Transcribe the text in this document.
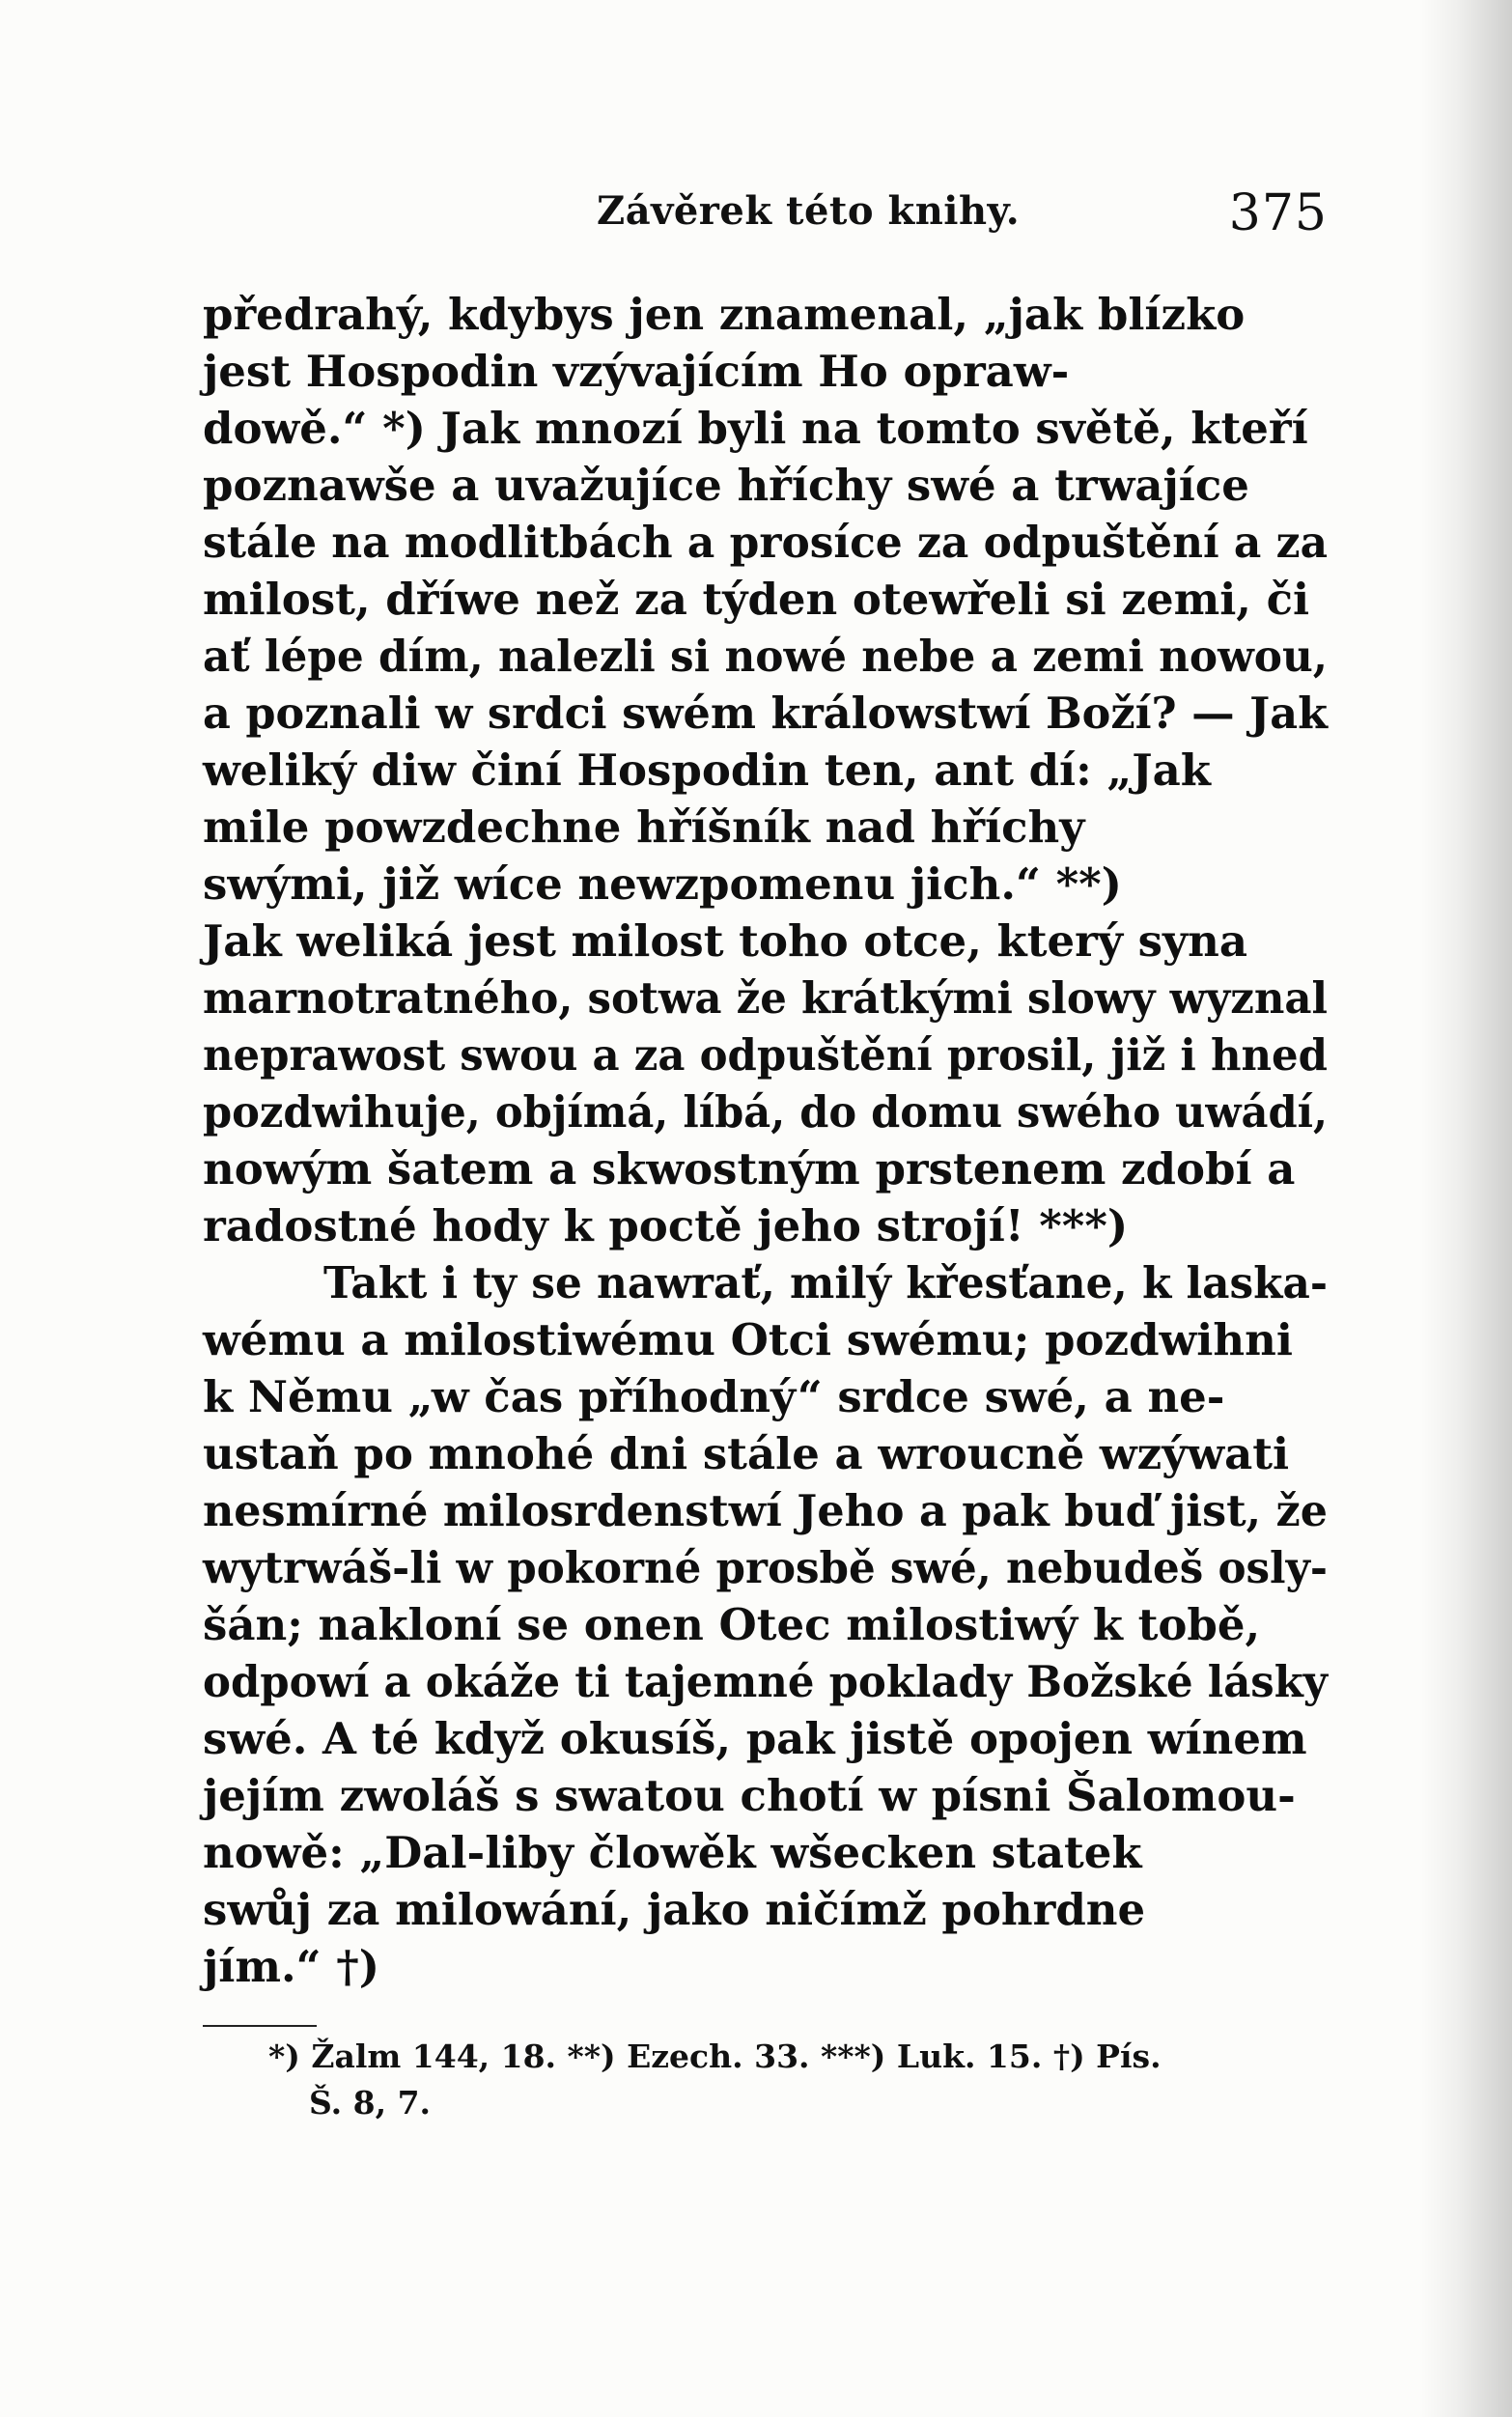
Závěrek této knihy.	375
předrahý, kdybys jen znamenal, „jak blízko
jest Hospodin vzývajícím Ho opraw-
dowě.“ *) Jak mnozí byli na tomto světě, kteří
poznawše a uvažujíce hříchy swé a trwajíce
stále na modlitbách a prosíce za odpuštění a za
milost, dříwe než za týden otewřeli si zemi, či
ať lépe dím, nalezli si nowé nebe a zemi nowou,
a poznali w srdci swém králowstwí Boží? — Jak
weliký diw činí Hospodin ten, ant dí: „Jak
mile powzdechne hříšník nad hříchy
swými, již wíce newzpomenu jich.“ **)
Jak weliká jest milost toho otce, který syna
marnotratného, sotwa že krátkými slowy wyznal
neprawost swou a za odpuštění prosil, již i hned
pozdwihuje, objímá, líbá, do domu swého uwádí,
nowým šatem a skwostným prstenem zdobí a
radostné hody k poctě jeho strojí! ***)
Takt i ty se nawrať, milý křesťane, k laska-
wému a milostiwému Otci swému; pozdwihni
k Němu „w čas příhodný“ srdce swé, a ne-
ustaň po mnohé dni stále a wroucně wzýwati
nesmírné milosrdenstwí Jeho a pak buď jist, že
wytrwáš-li w pokorné prosbě swé, nebudeš osly-
šán; nakloní se onen Otec milostiwý k tobě,
odpowí a okáže ti tajemné poklady Božské lásky
swé. A té když okusíš, pak jistě opojen wínem
jejím zwoláš s swatou chotí w písni Šalomou-
nowě: „Dal-liby člowěk wšecken statek
swůj za milowání, jako ničímž pohrdne
jím.“ †)
*) Žalm 144, 18. **) Ezech. 33. ***) Luk. 15. †) Pís.
Š. 8, 7.
